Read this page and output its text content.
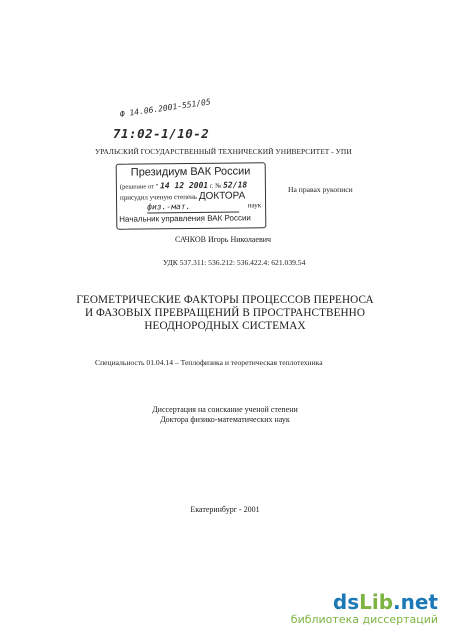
Ф 14.06.2001-551/05
71:02-1/10-2
УРАЛЬСКИЙ ГОСУДАРСТВЕННЫЙ ТЕХНИЧЕСКИЙ УНИВЕРСИТЕТ - УПИ
Президиум ВАК России
(решение от " 14 12 2001 г. № 52/18
присудил ученую степень ДОКТОРА
физ.-мат.	наук
Начальник управления ВАК России
На правах рукописи
САЧКОВ Игорь Николаевич
УДК 537.311: 536.212: 536.422.4: 621.039.54
ГЕОМЕТРИЧЕСКИЕ ФАКТОРЫ ПРОЦЕССОВ ПЕРЕНОСА
И ФАЗОВЫХ ПРЕВРАЩЕНИЙ В ПРОСТРАНСТВЕННО
НЕОДНОРОДНЫХ СИСТЕМАХ
Специальность 01.04.14 – Теплофизика и теоретическая теплотехника
Диссертация на соискание ученой степени
Доктора физико-математических наук
Екатеринбург - 2001
dsLib.net
библиотека диссертаций
